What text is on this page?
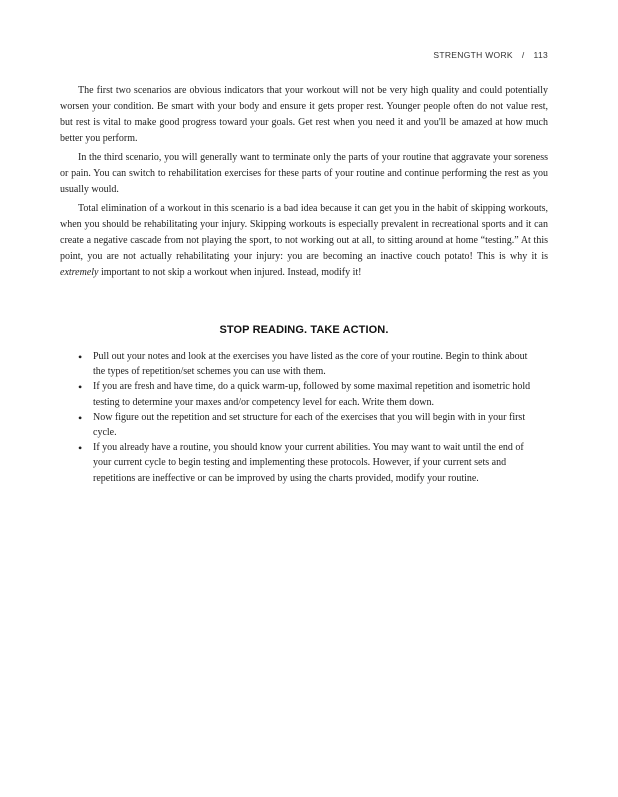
STRENGTH WORK / 113

The first two scenarios are obvious indicators that your workout will not be very high quality and could potentially worsen your condition. Be smart with your body and ensure it gets proper rest. Younger people often do not value rest, but rest is vital to make good progress toward your goals. Get rest when you need it and you'll be amazed at how much better you perform.

In the third scenario, you will generally want to terminate only the parts of your routine that aggravate your soreness or pain. You can switch to rehabilitation exercises for these parts of your routine and continue performing the rest as you usually would.

Total elimination of a workout in this scenario is a bad idea because it can get you in the habit of skipping workouts, when you should be rehabilitating your injury. Skipping workouts is especially prevalent in recreational sports and it can create a negative cascade from not playing the sport, to not working out at all, to sitting around at home “testing.” At this point, you are not actually rehabilitating your injury: you are becoming an inactive couch potato! This is why it is extremely important to not skip a workout when injured. Instead, modify it!

STOP READING. TAKE ACTION.
• Pull out your notes and look at the exercises you have listed as the core of your routine. Begin to think about the types of repetition/set schemes you can use with them.
• If you are fresh and have time, do a quick warm-up, followed by some maximal repetition and isometric hold testing to determine your maxes and/or competency level for each. Write them down.
• Now figure out the repetition and set structure for each of the exercises that you will begin with in your first cycle.
• If you already have a routine, you should know your current abilities. You may want to wait until the end of your current cycle to begin testing and implementing these protocols. However, if your current sets and repetitions are ineffective or can be improved by using the charts provided, modify your routine.
